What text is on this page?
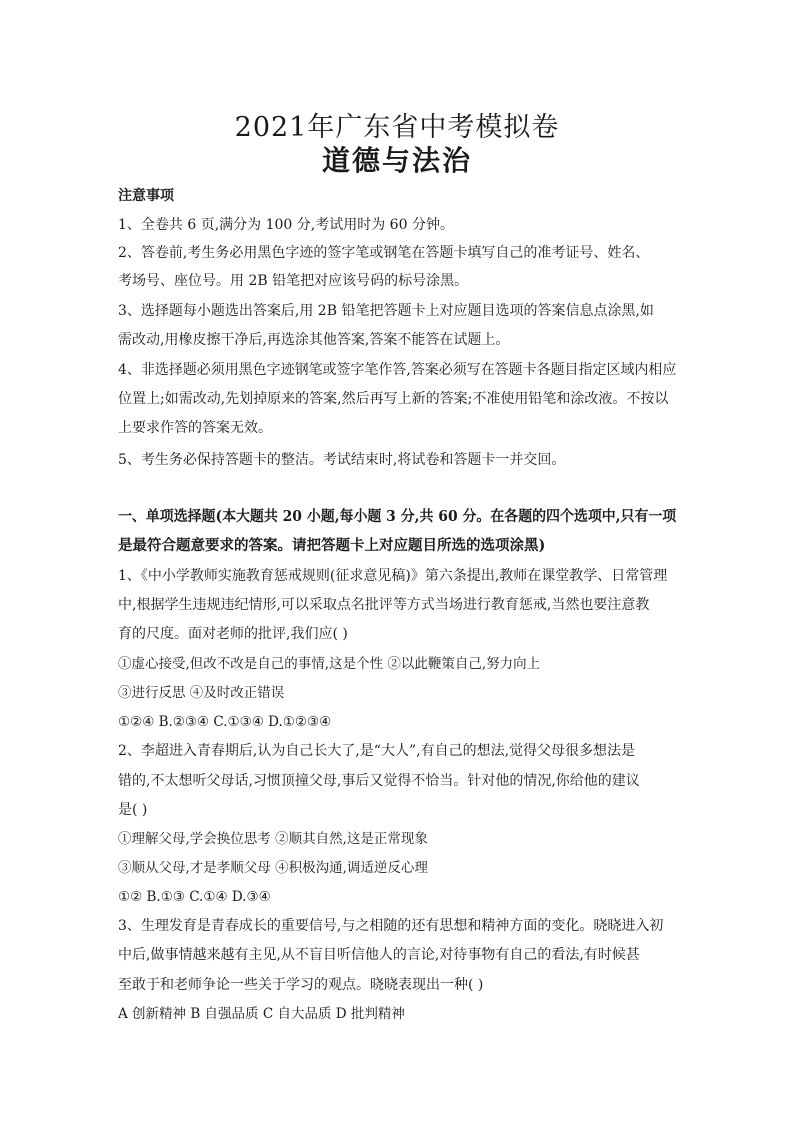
2021年广东省中考模拟卷
道德与法治
注意事项
1、全卷共 6 页,满分为 100 分,考试用时为 60 分钟。
2、答卷前,考生务必用黑色字迹的签字笔或钢笔在答题卡填写自己的准考证号、姓名、
考场号、座位号。用 2B 铅笔把对应该号码的标号涂黑。
3、选择题每小题选出答案后,用 2B 铅笔把答题卡上对应题目选项的答案信息点涂黑,如
需改动,用橡皮擦干净后,再选涂其他答案,答案不能答在试题上。
4、非选择题必须用黑色字迹钢笔或签字笔作答,答案必须写在答题卡各题目指定区域内相应
位置上;如需改动,先划掉原来的答案,然后再写上新的答案;不准使用铅笔和涂改液。不按以
上要求作答的答案无效。
5、考生务必保持答题卡的整洁。考试结束时,将试卷和答题卡一并交回。
一、单项选择题(本大题共 20 小题,每小题 3 分,共 60 分。在各题的四个选项中,只有一项
是最符合题意要求的答案。请把答题卡上对应题目所选的选项涂黑)
1、《中小学教师实施教育惩戒规则(征求意见稿)》第六条提出,教师在课堂教学、日常管理
中,根据学生违规违纪情形,可以采取点名批评等方式当场进行教育惩戒,当然也要注意教
育的尺度。面对老师的批评,我们应( )
①虚心接受,但改不改是自己的事情,这是个性 ②以此鞭策自己,努力向上
③进行反思 ④及时改正错误
①②④ B.②③④ C.①③④ D.①②③④
2、李超进入青春期后,认为自己长大了,是“大人”,有自己的想法,觉得父母很多想法是
错的,不太想听父母话,习惯顶撞父母,事后又觉得不恰当。针对他的情况,你给他的建议
是( )
①理解父母,学会换位思考 ②顺其自然,这是正常现象
③顺从父母,才是孝顺父母 ④积极沟通,调适逆反心理
①② B.①③ C.①④ D.③④
3、生理发育是青春成长的重要信号,与之相随的还有思想和精神方面的变化。晓晓进入初
中后,做事情越来越有主见,从不盲目听信他人的言论,对待事物有自己的看法,有时候甚
至敢于和老师争论一些关于学习的观点。晓晓表现出一种( )
A 创新精神 B 自强品质 C 自大品质 D 批判精神
